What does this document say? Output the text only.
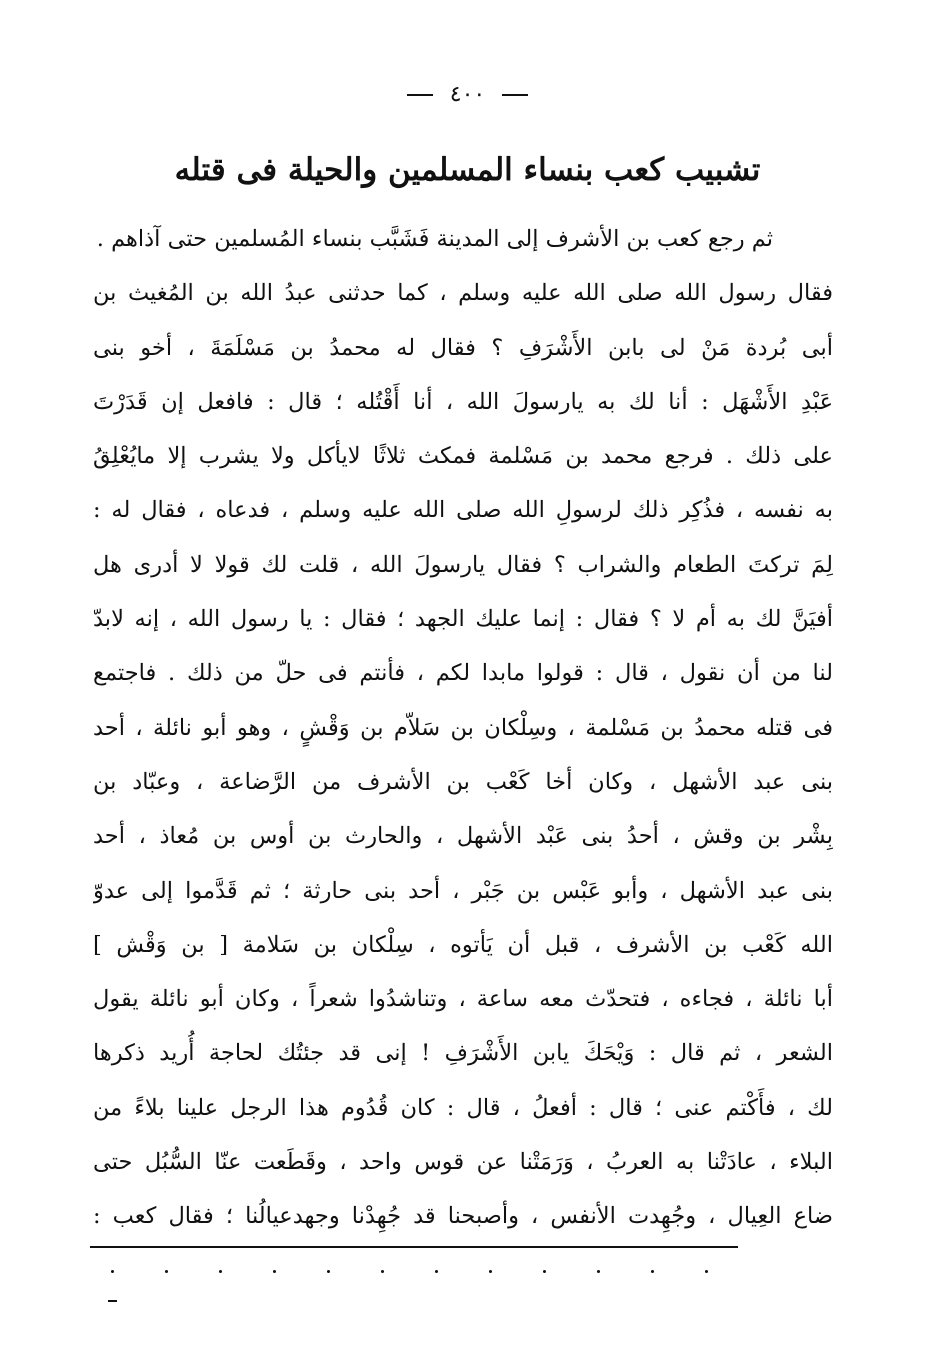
٤٠٠
تشبيب كعب بنساء المسلمين والحيلة فى قتله
ثم رجع كعب بن الأشرف إلى المدينة فَشَبَّب بنساء المُسلمين حتى آذاهم .
فقال رسول الله صلى الله عليه وسلم ، كما حدثنى عبدُ الله بن المُغيث بن
أبى بُردة مَنْ لى بابن الأَشْرَفِ ؟ فقال له محمدُ بن مَسْلَمَةَ ، أخو بنى
عَبْدِ الأَشْهَل : أنا لك به يارسولَ الله ، أنا أَقْتُله ؛ قال : فافعل إن قَدَرْتَ
على ذلك . فرجع محمد بن مَسْلمة فمكث ثلاثًا لايأكل ولا يشرب إلا مايُعْلِقُ
به نفسه ، فذُكِر ذلك لرسولِ الله صلى الله عليه وسلم ، فدعاه ، فقال له :
لِمَ تركتَ الطعام والشراب ؟ فقال يارسولَ الله ، قلت لك قولا لا أدرى هل
أفيَنَّ لك به أم لا ؟ فقال : إنما عليك الجهد ؛ فقال : يا رسول الله ، إنه لابدّ
لنا من أن نقول ، قال : قولوا مابدا لكم ، فأنتم فى حلّ من ذلك . فاجتمع
فى قتله محمدُ بن مَسْلمة ، وسِلْكان بن سَلاّم بن وَقْشٍ ، وهو أبو نائلة ، أحد
بنى عبد الأشهل ، وكان أخا كَعْب بن الأشرف من الرَّضاعة ، وعبّاد بن
بِشْر بن وقش ، أحدُ بنى عَبْد الأشهل ، والحارث بن أوس بن مُعاذ ، أحد
بنى عبد الأشهل ، وأبو عَبْس بن جَبْر ، أحد بنى حارثة ؛ ثم قَدَّموا إلى عدوّ
الله كَعْب بن الأشرف ، قبل أن يَأتوه ، سِلْكان بن سَلامة [ بن وَقْش ]
أبا نائلة ، فجاءه ، فتحدّث معه ساعة ، وتناشدُوا شعراً ، وكان أبو نائلة يقول
الشعر ، ثم قال : وَيْحَكَ يابن الأَشْرَفِ ! إنى قد جئتُك لحاجة أُريد ذكرها
لك ، فأَكْتم عنى ؛ قال : أفعلُ ، قال : كان قُدُوم هذا الرجل علينا بلاءً من
البلاء ، عادَتْنا به العربُ ، وَرَمَتْنا عن قوس واحد ، وقَطَعت عنّا السُّبُل حتى
ضاع العِيال ، وجُهِدت الأنفس ، وأصبحنا قد جُهِدْنا وجهدعيالُنا ؛ فقال كعب :
